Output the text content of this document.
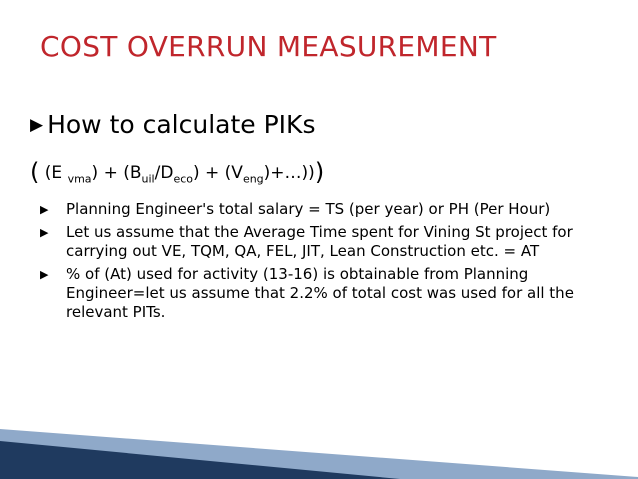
COST OVERRUN MEASUREMENT
▶ How to calculate PIKs
( (E $_{vma}) + (B_{uil}/D_{eco})$ + $(V_{eng})+\dots$)))
▶ Planning Engineer's total salary = TS (per year) or PH (Per Hour)
▶ Let us assume that the Average Time spent for Vining St project for carrying out VE, TQM, QA, FEL, JIT, Lean Construction etc. = AT
▶ % of (At) used for activity (13-16) is obtainable from Planning Engineer=let us assume that 2.2% of total cost was used for all the relevant PITs.
